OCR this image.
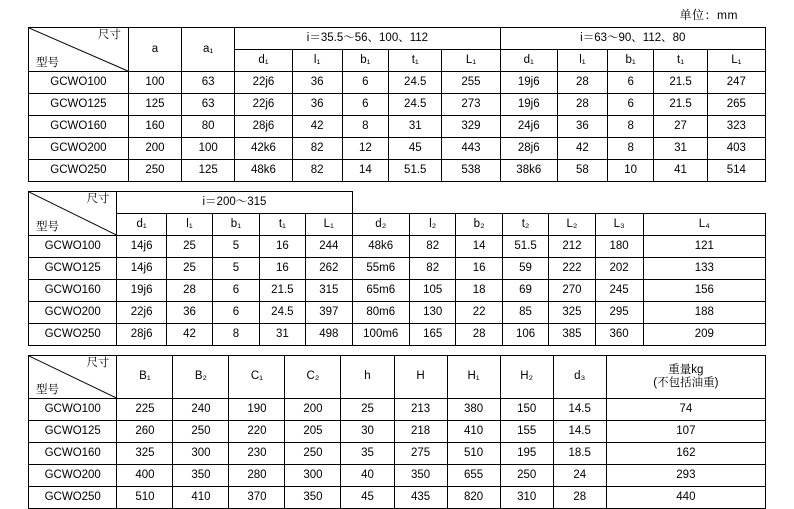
单位：mm
尺寸
型号	a	a₁	i＝35.5～56、100、112					i＝63～90、112、80				
			d₁	l₁	b₁	t₁	L₁	d₁	l₁	b₁	t₁	L₁
GCWO100	100	63	22j6	36	6	24.5	255	19j6	28	6	21.5	247
GCWO125	125	63	22j6	36	6	24.5	273	19j6	28	6	21.5	265
GCWO160	160	80	28j6	42	8	31	329	24j6	36	8	27	323
GCWO200	200	100	42k6	82	12	45	443	28j6	42	8	31	403
GCWO250	250	125	48k6	82	14	51.5	538	38k6	58	10	41	514
尺寸
型号	i＝200～315											
	d₁	l₁	b₁	t₁	L₁	d₂	l₂	b₂	t₂	L₂	L₃	L₄
GCWO100	14j6	25	5	16	244	48k6	82	14	51.5	212	180	121
GCWO125	14j6	25	5	16	262	55m6	82	16	59	222	202	133
GCWO160	19j6	28	6	21.5	315	65m6	105	18	69	270	245	156
GCWO200	22j6	36	6	24.5	397	80m6	130	22	85	325	295	188
GCWO250	28j6	42	8	31	498	100m6	165	28	106	385	360	209
尺寸
型号	B₁	B₂	C₁	C₂	h	H	H₁	H₂	d₃	重量kg
(不包括油重)

GCWO100	225	240	190	200	25	213	380	150	14.5	74
GCWO125	260	250	220	205	30	218	410	155	14.5	107
GCWO160	325	300	230	250	35	275	510	195	18.5	162
GCWO200	400	350	280	300	40	350	655	250	24	293
GCWO250	510	410	370	350	45	435	820	310	28	440
